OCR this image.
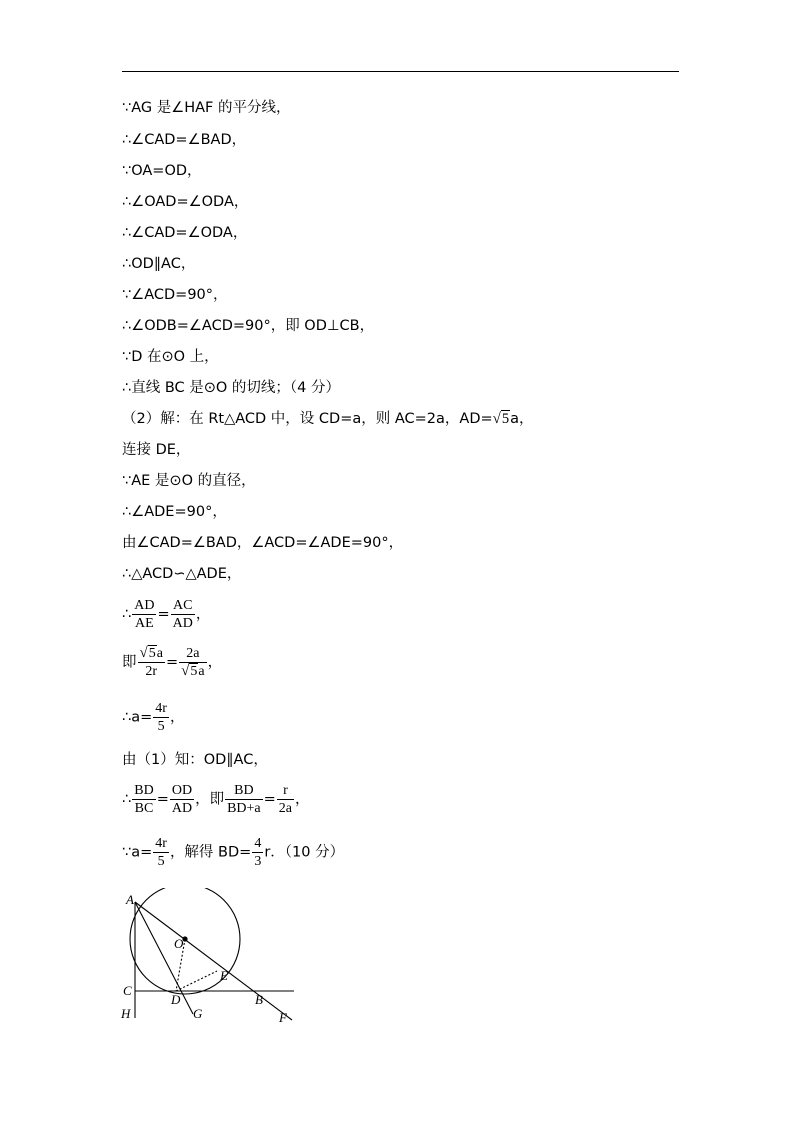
∵AG 是∠HAF 的平分线，
∴∠CAD=∠BAD，
∵OA=OD，
∴∠OAD=∠ODA，
∴∠CAD=∠ODA，
∴OD∥AC，
∵∠ACD=90°，
∴∠ODB=∠ACD=90°，即 OD⊥CB，
∵D 在⊙O 上，
∴直线 BC 是⊙O 的切线；（4 分）
（2）解：在 Rt△ACD 中，设 CD=a，则 AC=2a，AD=√5a，
连接 DE，
∵AE 是⊙O 的直径，
∴∠ADE=90°，
由∠CAD=∠BAD，∠ACD=∠ADE=90°，
∴△ACD∽△ADE，
∴ $\frac{AD}{AE} = \frac{AC}{AD}$ ，
即 $\frac{√5a}{2r} = \frac{2a}{√5a}$ ，
∴a= $\frac{4r}{5}$ ，
由（1）知：OD∥AC，
∴ $\frac{BD}{BC} = \frac{OD}{AD}$ ，即 $\frac{BD}{BD+a} = \frac{r}{2a}$ ，
∵a= $\frac{4r}{5}$ ，解得 $BD= \frac{4}{3}$ r．（10 分）
A
O
E
C
D	B
H	G	F
